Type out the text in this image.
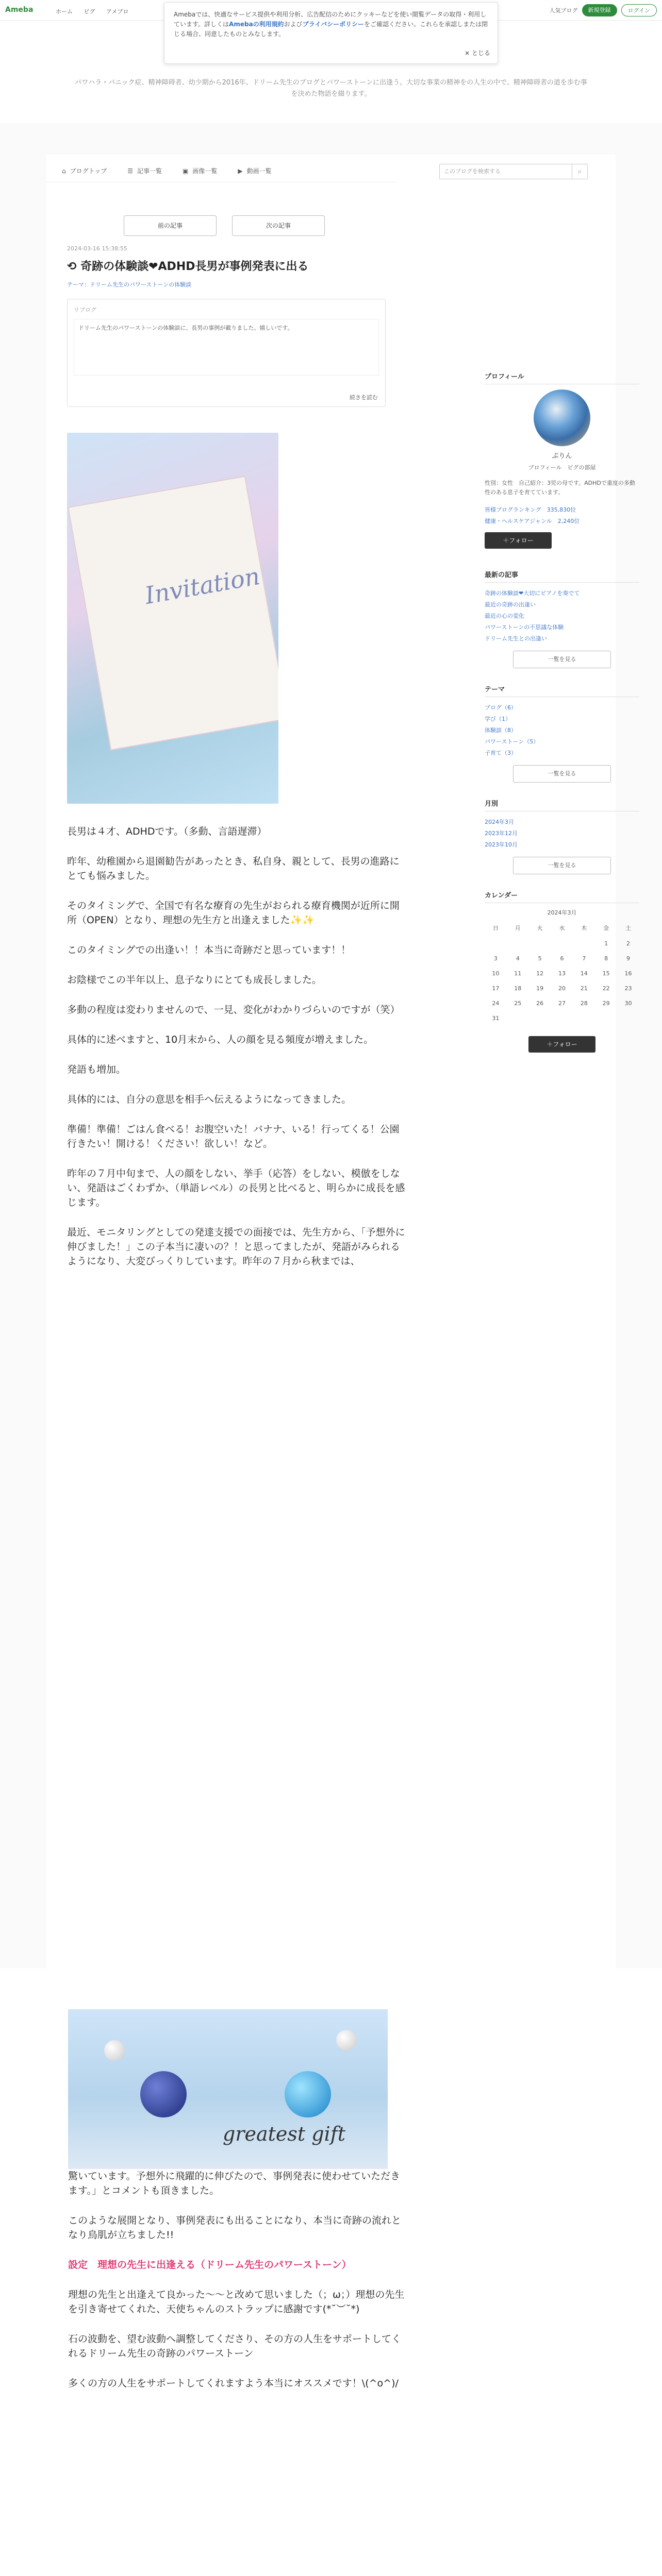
Ameba	ホーム ピグ アメブロ	人気ブログ	新規登録	ログイン
パワハラ・パニック症、精神障碍者、幼少期から2016年、ドリーム先生のブログとパワーストーンに出逢う。大切な事業の精神をの人生の中で、精神障碍者の道を歩む事を決めた物語を綴ります。
Amebaでは、快適なサービス提供や利用分析、広告配信のためにクッキーなどを使い閲覧データの取得・利用しています。詳しくはAmebaの利用規約およびプライバシーポリシーをご確認ください。これらを承認しまたは閉じる場合、同意したものとみなします。
× とじる
⌂ ブログトップ	☰ 記事一覧	▣ 画像一覧	▶ 動画一覧	このブログを検索する	⌕
前の記事	次の記事
2024-03-16 15:38:55
⟲ 奇跡の体験談❤ADHD長男が事例発表に出る
テーマ：ドリーム先生のパワーストーンの体験談
リブログ
ドリーム先生のパワーストーンの体験談に、長男の事例が載りました。嬉しいです。
続きを読む
Invitation

長男は４才、ADHDです。（多動、言語遅滞）

昨年、幼稚園から退園勧告があったとき、私自身、親として、長男の進路にとても悩みました。

そのタイミングで、全国で有名な療育の先生がおられる療育機関が近所に開所（OPEN）となり、理想の先生方と出逢えました✨✨

このタイミングでの出逢い！！本当に奇跡だと思っています！！

お陰様でこの半年以上、息子なりにとても成長しました。

多動の程度は変わりませんので、一見、変化がわかりづらいのですが（笑）

具体的に述べますと、10月末から、人の顔を見る頻度が増えました。

発語も増加。

具体的には、自分の意思を相手へ伝えるようになってきました。

準備！準備！ごはん食べる！お腹空いた！バナナ、いる！行ってくる！公園行きたい！開ける！ください！欲しい！など。

昨年の７月中旬まで、人の顔をしない、挙手（応答）をしない、模倣をしない、発語はごくわずか、（単語レベル）の長男と比べると、明らかに成長を感じます。

最近、モニタリングとしての発達支援での面接では、先生方から、「予想外に伸びました！」この子本当に凄いの？！と思ってましたが、発語がみられるようになり、大変びっくりしています。昨年の７月から秋までは、

プロフィール
ぷりん
プロフィール　ピグの部屋
性別：女性　自己紹介：3児の母です。ADHDで重度の多動性のある息子を育てています。
皆様ブログランキング　335,830位
健康・ヘルスケアジャンル　2,240位
＋フォロー
最新の記事
奇跡の体験談❤大切にピアノを奏でて
最近の奇跡の出逢い
最近の心の変化
パワーストーンの不思議な体験
ドリーム先生との出逢い
一覧を見る
テーマ
ブログ（6）
学び（1）
体験談（8）
パワーストーン（5）
子育て（3）
一覧を見る
月別
2024年3月
2023年12月
2023年10月
一覧を見る
カレンダー
2024年3月
日	月	火	水	木	金	土
					1	2
3	4	5	6	7	8	9
10	11	12	13	14	15	16
17	18	19	20	21	22	23
24	25	26	27	28	29	30
31						
＋フォロー
greatest gift

驚いています。予想外に飛躍的に伸びたので、事例発表に使わせていただきます。」とコメントも頂きました。

このような展開となり、事例発表にも出ることになり、本当に奇跡の流れとなり鳥肌が立ちました!!

設定　理想の先生に出逢える（ドリーム先生のパワーストーン）

理想の先生と出逢えて良かった〜〜と改めて思いました（；ω；）理想の先生を引き寄せてくれた、天使ちゃんのストラップに感謝です(*˘︶˘*)

石の波動を、望む波動へ調整してくださり、その方の人生をサポートしてくれるドリーム先生の奇跡のパワーストーン

多くの方の人生をサポートしてくれますよう本当にオススメです！\(^o^)/
